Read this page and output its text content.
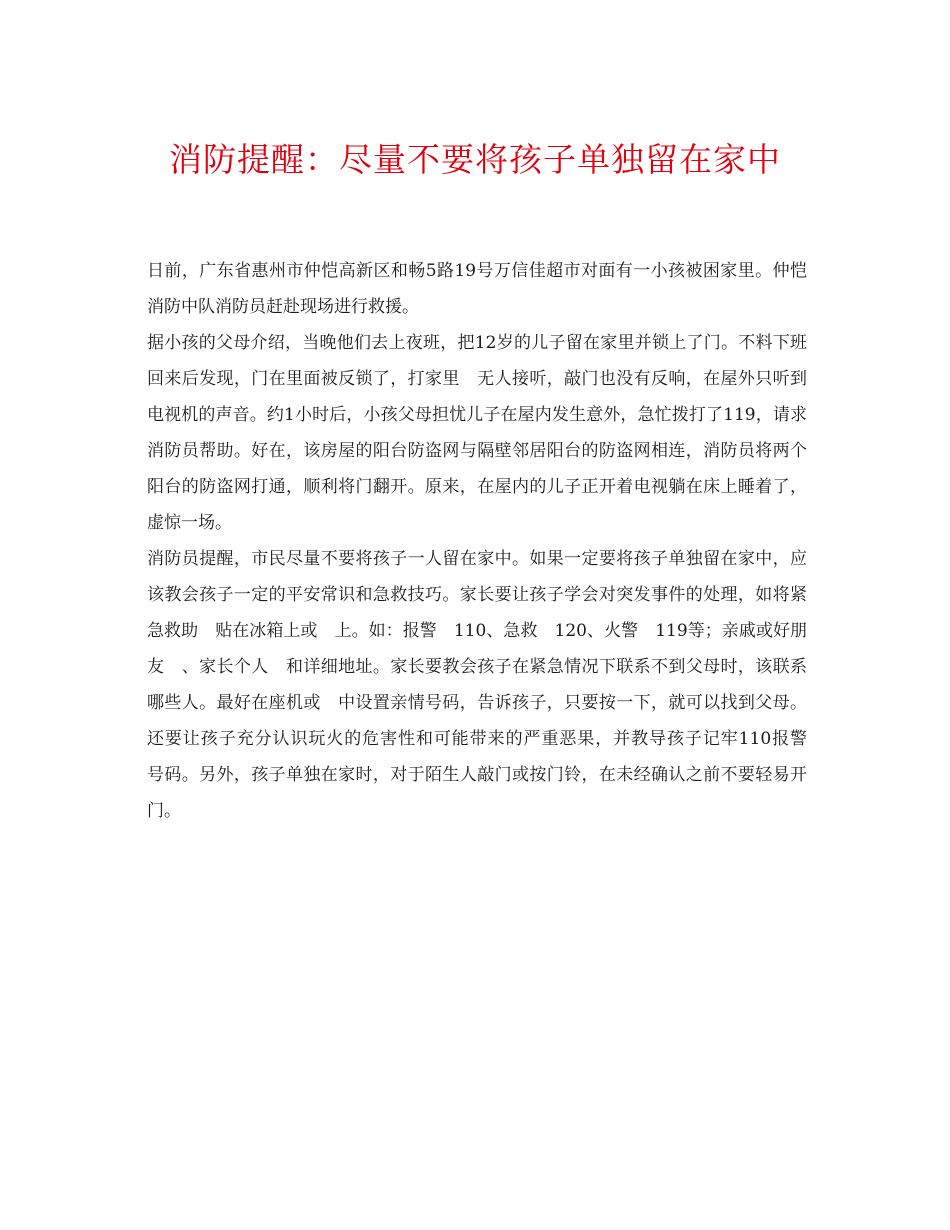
消防提醒：尽量不要将孩子单独留在家中

日前，广东省惠州市仲恺高新区和畅5路19号万信佳超市对面有一小孩被困家里。仲恺消防中队消防员赶赴现场进行救援。

据小孩的父母介绍，当晚他们去上夜班，把12岁的儿子留在家里并锁上了门。不料下班回来后发现，门在里面被反锁了，打家里　无人接听，敲门也没有反响，在屋外只听到电视机的声音。约1小时后，小孩父母担忧儿子在屋内发生意外，急忙拨打了119，请求消防员帮助。好在，该房屋的阳台防盗网与隔壁邻居阳台的防盗网相连，消防员将两个阳台的防盗网打通，顺利将门翻开。原来，在屋内的儿子正开着电视躺在床上睡着了，虚惊一场。

消防员提醒，市民尽量不要将孩子一人留在家中。如果一定要将孩子单独留在家中，应该教会孩子一定的平安常识和急救技巧。家长要让孩子学会对突发事件的处理，如将紧急救助　贴在冰箱上或　上。如：报警　110、急救　120、火警　119等；亲戚或好朋友　、家长个人　和详细地址。家长要教会孩子在紧急情况下联系不到父母时，该联系哪些人。最好在座机或　中设置亲情号码，告诉孩子，只要按一下，就可以找到父母。还要让孩子充分认识玩火的危害性和可能带来的严重恶果，并教导孩子记牢110报警　号码。另外，孩子单独在家时，对于陌生人敲门或按门铃，在未经确认之前不要轻易开门。
